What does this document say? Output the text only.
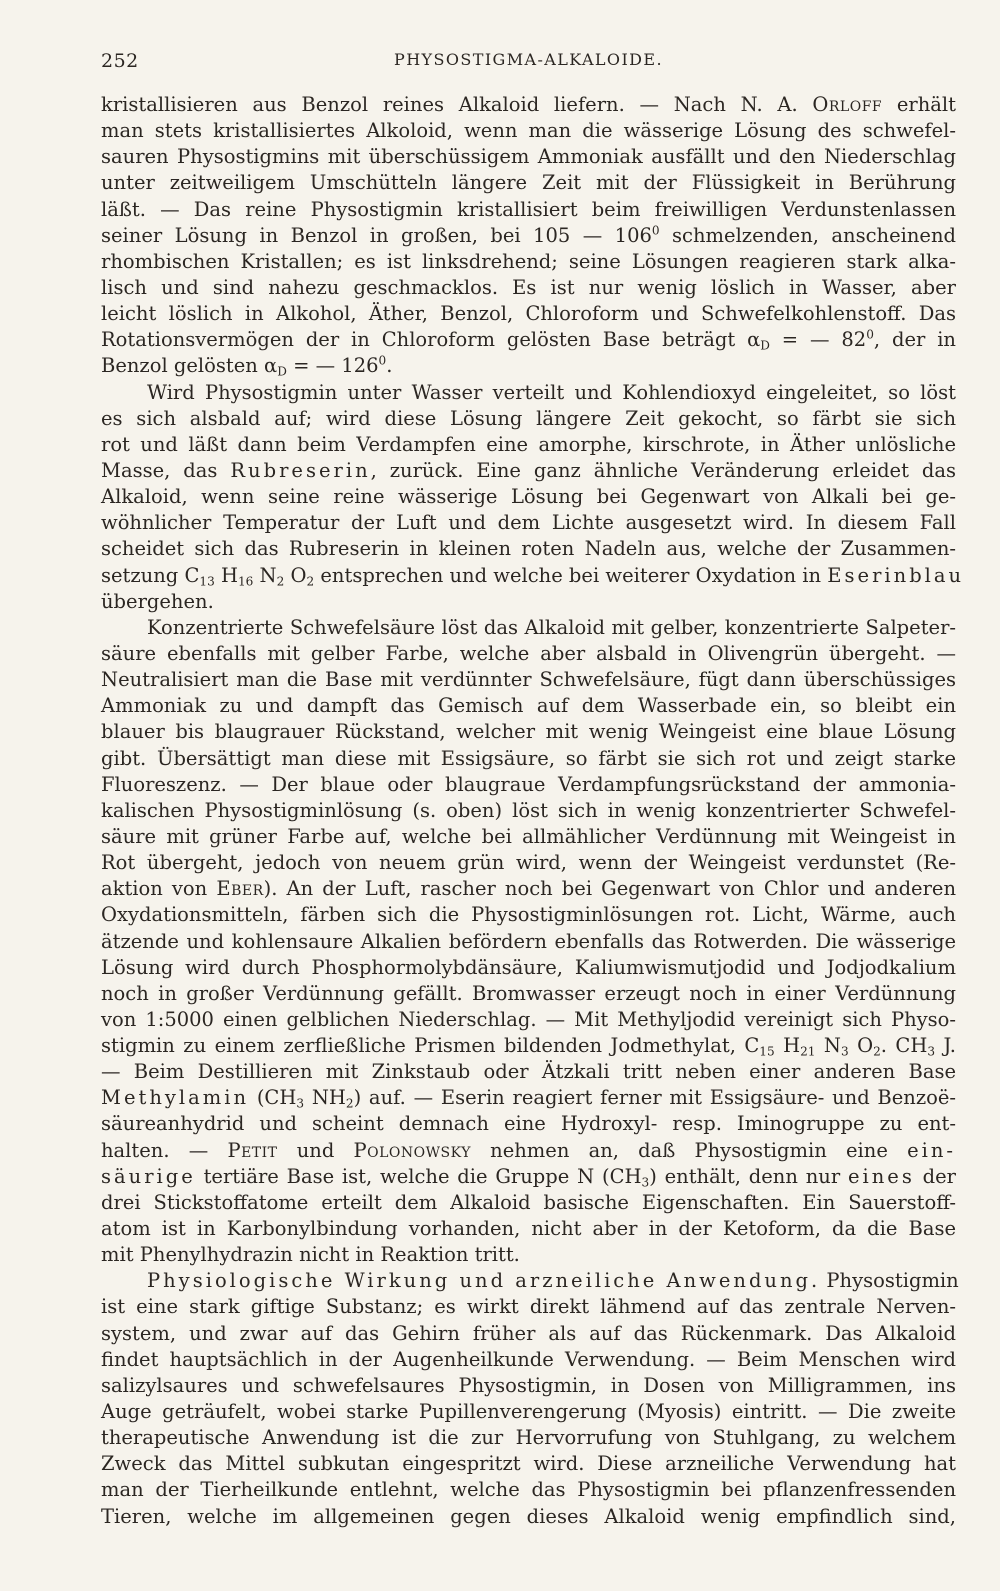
252	PHYSOSTIGMA-ALKALOIDE.
kristallisieren aus Benzol reines Alkaloid liefern. — Nach N. A. Orloff erhält
man stets kristallisiertes Alkoloid, wenn man die wässerige Lösung des schwefel-
sauren Physostigmins mit überschüssigem Ammoniak ausfällt und den Niederschlag
unter zeitweiligem Umschütteln längere Zeit mit der Flüssigkeit in Berührung
läßt. — Das reine Physostigmin kristallisiert beim freiwilligen Verdunstenlassen
seiner Lösung in Benzol in großen, bei 105 — $106^0$ schmelzenden, anscheinend
rhombischen Kristallen; es ist linksdrehend; seine Lösungen reagieren stark alka-
lisch und sind nahezu geschmacklos. Es ist nur wenig löslich in Wasser, aber
leicht löslich in Alkohol, Äther, Benzol, Chloroform und Schwefelkohlenstoff. Das
Rotationsvermögen der in Chloroform gelösten Base beträgt $\alpha_D$ = — $82^0$, der in
Benzol gelösten $\alpha_D$ = — $126^0$.
Wird Physostigmin unter Wasser verteilt und Kohlendioxyd eingeleitet, so löst
es sich alsbald auf; wird diese Lösung längere Zeit gekocht, so färbt sie sich
rot und läßt dann beim Verdampfen eine amorphe, kirschrote, in Äther unlösliche
Masse, das Rubreserin, zurück. Eine ganz ähnliche Veränderung erleidet das
Alkaloid, wenn seine reine wässerige Lösung bei Gegenwart von Alkali bei ge-
wöhnlicher Temperatur der Luft und dem Lichte ausgesetzt wird. In diesem Fall
scheidet sich das Rubreserin in kleinen roten Nadeln aus, welche der Zusammen-
setzung $C_{13}$ $H_{16}$ $N_2$ $O_2$ entsprechen und welche bei weiterer Oxydation in Eserinblau
übergehen.
Konzentrierte Schwefelsäure löst das Alkaloid mit gelber, konzentrierte Salpeter-
säure ebenfalls mit gelber Farbe, welche aber alsbald in Olivengrün übergeht. —
Neutralisiert man die Base mit verdünnter Schwefelsäure, fügt dann überschüssiges
Ammoniak zu und dampft das Gemisch auf dem Wasserbade ein, so bleibt ein
blauer bis blaugrauer Rückstand, welcher mit wenig Weingeist eine blaue Lösung
gibt. Übersättigt man diese mit Essigsäure, so färbt sie sich rot und zeigt starke
Fluoreszenz. — Der blaue oder blaugraue Verdampfungsrückstand der ammonia-
kalischen Physostigminlösung (s. oben) löst sich in wenig konzentrierter Schwefel-
säure mit grüner Farbe auf, welche bei allmählicher Verdünnung mit Weingeist in
Rot übergeht, jedoch von neuem grün wird, wenn der Weingeist verdunstet (Re-
aktion von Eber). An der Luft, rascher noch bei Gegenwart von Chlor und anderen
Oxydationsmitteln, färben sich die Physostigminlösungen rot. Licht, Wärme, auch
ätzende und kohlensaure Alkalien befördern ebenfalls das Rotwerden. Die wässerige
Lösung wird durch Phosphormolybdänsäure, Kaliumwismutjodid und Jodjodkalium
noch in großer Verdünnung gefällt. Bromwasser erzeugt noch in einer Verdünnung
von 1:5000 einen gelblichen Niederschlag. — Mit Methyljodid vereinigt sich Physo-
stigmin zu einem zerfließliche Prismen bildenden Jodmethylat, $C_{15}$ $H_{21}$ $N_3$ $O_2$. $CH_3$ J.
— Beim Destillieren mit Zinkstaub oder Ätzkali tritt neben einer anderen Base
Methylamin ($CH_3$ $NH_2$) auf. — Eserin reagiert ferner mit Essigsäure- und Benzoë-
säureanhydrid und scheint demnach eine Hydroxyl- resp. Iminogruppe zu ent-
halten. — Petit und Polonowsky nehmen an, daß Physostigmin eine ein-
säurige tertiäre Base ist, welche die Gruppe N $(CH_3)$ enthält, denn nur eines der
drei Stickstoffatome erteilt dem Alkaloid basische Eigenschaften. Ein Sauerstoff-
atom ist in Karbonylbindung vorhanden, nicht aber in der Ketoform, da die Base
mit Phenylhydrazin nicht in Reaktion tritt.
Physiologische Wirkung und arzneiliche Anwendung. Physostigmin
ist eine stark giftige Substanz; es wirkt direkt lähmend auf das zentrale Nerven-
system, und zwar auf das Gehirn früher als auf das Rückenmark. Das Alkaloid
findet hauptsächlich in der Augenheilkunde Verwendung. — Beim Menschen wird
salizylsaures und schwefelsaures Physostigmin, in Dosen von Milligrammen, ins
Auge geträufelt, wobei starke Pupillenverengerung (Myosis) eintritt. — Die zweite
therapeutische Anwendung ist die zur Hervorrufung von Stuhlgang, zu welchem
Zweck das Mittel subkutan eingespritzt wird. Diese arzneiliche Verwendung hat
man der Tierheilkunde entlehnt, welche das Physostigmin bei pflanzenfressenden
Tieren, welche im allgemeinen gegen dieses Alkaloid wenig empfindlich sind,
